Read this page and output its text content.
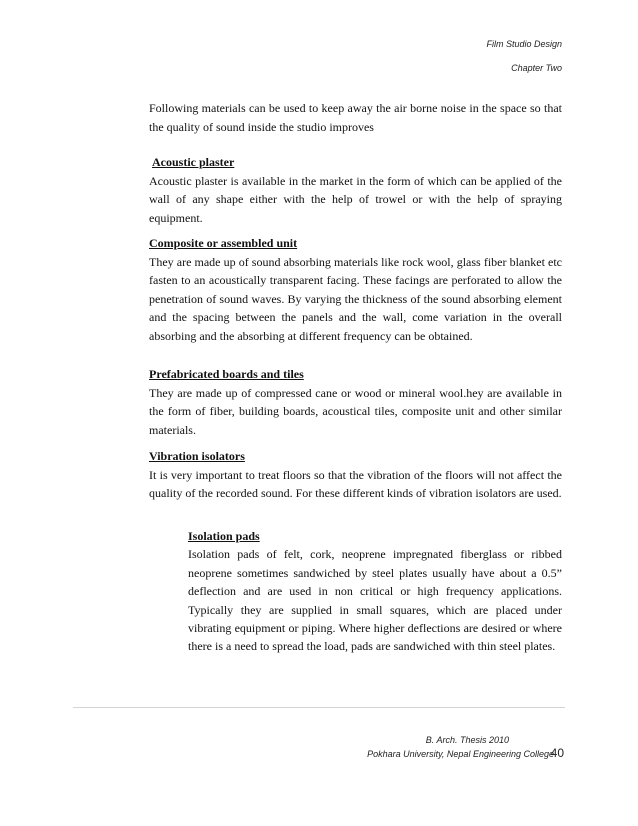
Film Studio Design
Chapter Two

Following materials can be used to keep away the air borne noise in the space so that the quality of sound inside the studio improves

Acoustic plaster

Acoustic plaster is available in the market in the form of which can be applied of the wall of any shape either with the help of trowel or with the help of spraying equipment.

Composite or assembled unit

They are made up of sound absorbing materials like rock wool, glass fiber blanket etc fasten to an acoustically transparent facing. These facings are perforated to allow the penetration of sound waves. By varying the thickness of the sound absorbing element and the spacing between the panels and the wall, come variation in the overall absorbing and the absorbing at different frequency can be obtained.

Prefabricated boards and tiles

They are made up of compressed cane or wood or mineral wool.hey are available in the form of fiber, building boards, acoustical tiles, composite unit and other similar materials.

Vibration isolators

It is very important to treat floors so that the vibration of the floors will not affect the quality of the recorded sound. For these different kinds of vibration isolators are used.

Isolation pads

Isolation pads of felt, cork, neoprene impregnated fiberglass or ribbed neoprene sometimes sandwiched by steel plates usually have about a 0.5” deflection and are used in non critical or high frequency applications. Typically they are supplied in small squares, which are placed under vibrating equipment or piping. Where higher deflections are desired or where there is a need to spread the load, pads are sandwiched with thin steel plates.

B. Arch. Thesis 2010
Pokhara University, Nepal Engineering College
40
